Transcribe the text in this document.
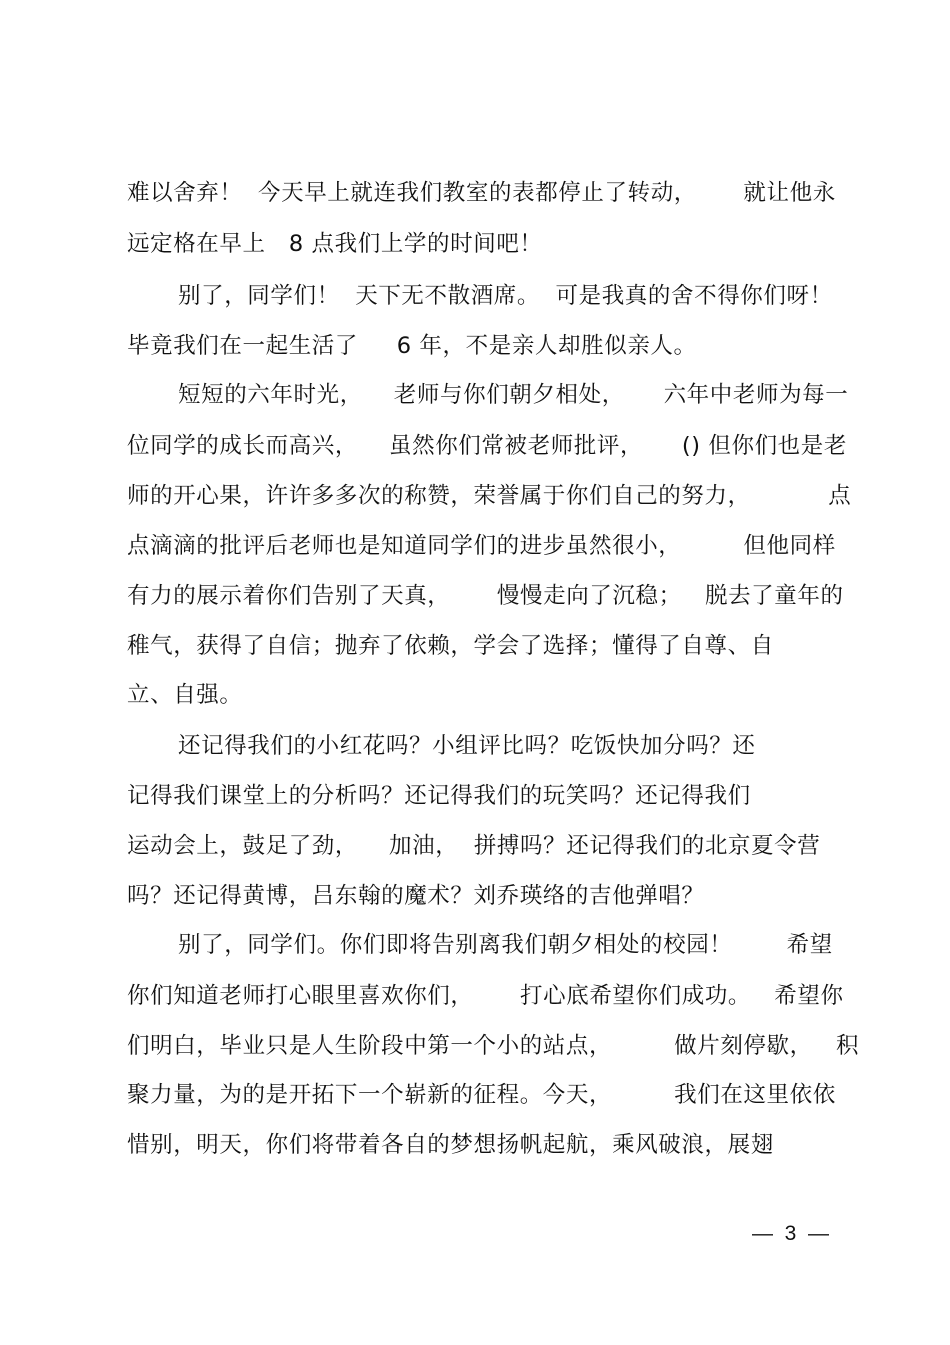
难以舍弃！  今天早上就连我们教室的表都停止了转动，      就让他永
远定格在早上   8 点我们上学的时间吧！
别了，同学们！  天下无不散酒席。  可是我真的舍不得你们呀！
毕竟我们在一起生活了     6 年，不是亲人却胜似亲人。
短短的六年时光，    老师与你们朝夕相处，     六年中老师为每一
位同学的成长而高兴，    虽然你们常被老师批评，     () 但你们也是老
师的开心果，许许多多次的称赞，荣誉属于你们自己的努力，          点
点滴滴的批评后老师也是知道同学们的进步虽然很小，        但他同样
有力的展示着你们告别了天真，      慢慢走向了沉稳；   脱去了童年的
稚气，获得了自信；抛弃了依赖，学会了选择；懂得了自尊、自
立、自强。
还记得我们的小红花吗？小组评比吗？吃饭快加分吗？还
记得我们课堂上的分析吗？还记得我们的玩笑吗？还记得我们
运动会上，鼓足了劲，    加油，  拼搏吗？还记得我们的北京夏令营
吗？还记得黄博，吕东翰的魔术？刘乔瑛络的吉他弹唱？
别了，同学们。你们即将告别离我们朝夕相处的校园！       希望
你们知道老师打心眼里喜欢你们，      打心底希望你们成功。   希望你
们明白，毕业只是人生阶段中第一个小的站点，        做片刻停歇，   积
聚力量，为的是开拓下一个崭新的征程。今天，        我们在这里依依
惜别，明天，你们将带着各自的梦想扬帆起航，乘风破浪，展翅
—  3  —
